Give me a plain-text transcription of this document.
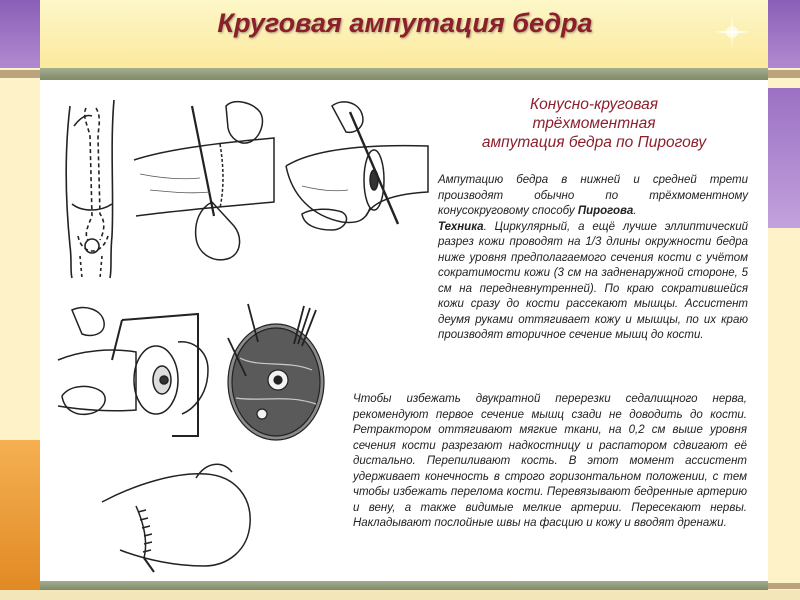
Круговая ампутация бедра
Конусно-круговая
трёхмоментная
ампутация бедра по Пирогову
Ампутацию бедра в нижней и средней трети производят обычно по трёхмоментному конусокруговому способу Пирогова.
Техника. Циркулярный, а ещё лучше эллиптический разрез кожи проводят на 1/3 длины окружности бедра ниже уровня предполагаемого сечения кости с учётом сократимости кожи (3 см на задненаружной стороне, 5 см на передневнутренней). По краю сократившейся кожи сразу до кости рассекают мышцы. Ассистент деумя руками оттягивает кожу и мышцы, по их краю производят вторичное сечение мышц до кости.
Чтобы избежать двукратной перерезки седалищного нерва, рекомендуют первое сечение мышц сзади не доводить до кости. Ретрактором оттягивают мягкие ткани, на 0,2 см выше уровня сечения кости разрезают надкостницу и распатором сдвигают её дистально. Перепиливают кость. В этот момент ассистент удерживает конечность в строго горизонтальном положении, с тем чтобы избежать перелома кости. Перевязывают бедренные артерию и вену, а также видимые мелкие артерии. Пересекают нервы. Накладывают послойные швы на фасцию и кожу и вводят дренажи.
